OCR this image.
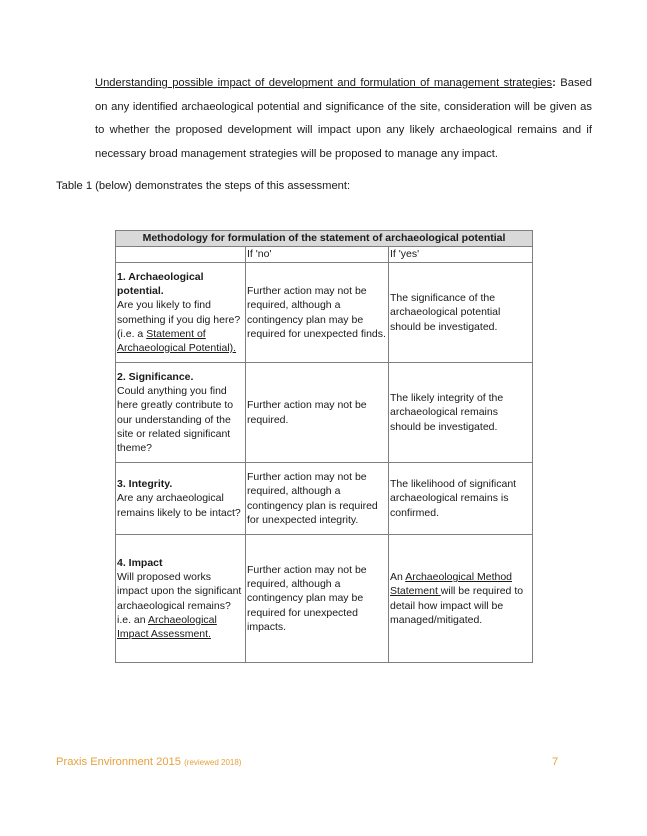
Understanding possible impact of development and formulation of management strategies: Based on any identified archaeological potential and significance of the site, consideration will be given as to whether the proposed development will impact upon any likely archaeological remains and if necessary broad management strategies will be proposed to manage any impact.

Table 1 (below) demonstrates the steps of this assessment:

Methodology for formulation of the statement of archaeological potential		
	If 'no'	If 'yes'
1. Archaeological potential.
Are you likely to find something if you dig here? (i.e. a Statement of Archaeological Potential).	Further action may not be required, although a contingency plan may be required for unexpected finds.	The significance of the archaeological potential should be investigated.
2. Significance.
Could anything you find here greatly contribute to our understanding of the site or related significant theme?	Further action may not be required.	The likely integrity of the archaeological remains should be investigated.
3. Integrity.
Are any archaeological remains likely to be intact?	Further action may not be required, although a contingency plan is required for unexpected integrity.	The likelihood of significant archaeological remains is confirmed.
4. Impact
Will proposed works impact upon the significant archaeological remains? i.e. an Archaeological Impact Assessment.	Further action may not be required, although a contingency plan may be required for unexpected impacts.	An Archaeological Method Statement will be required to detail how impact will be managed/mitigated.
Praxis Environment 2015 (reviewed 2018)	7
